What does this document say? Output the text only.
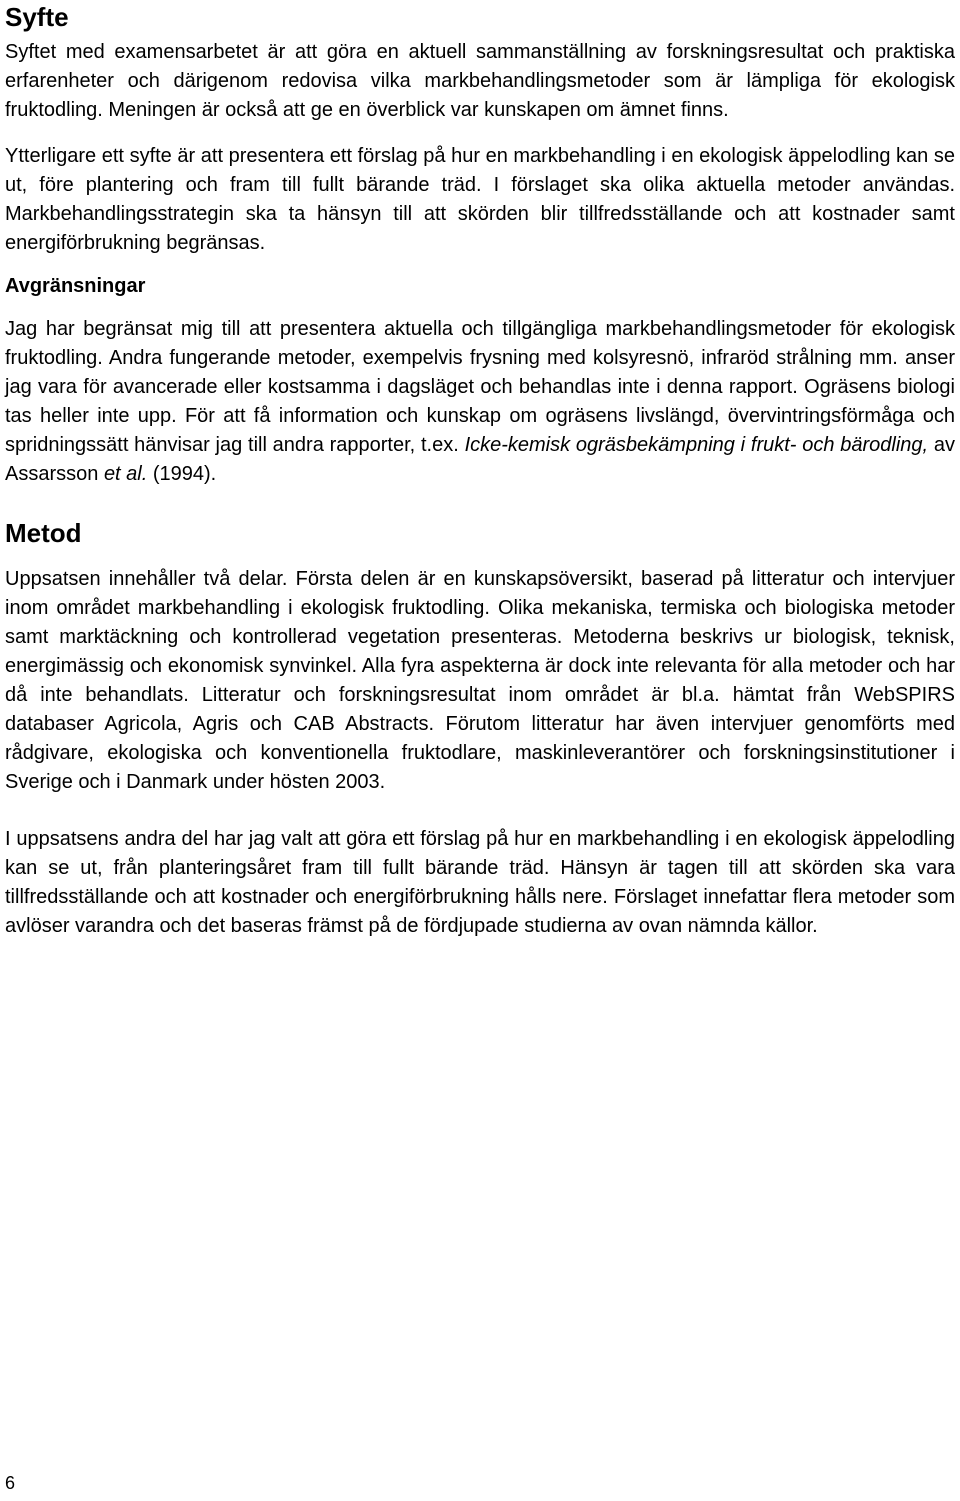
Syfte

Syftet med examensarbetet är att göra en aktuell sammanställning av forskningsresultat och praktiska erfarenheter och därigenom redovisa vilka markbehandlingsmetoder som är lämpliga för ekologisk fruktodling. Meningen är också att ge en överblick var kunskapen om ämnet finns.

Ytterligare ett syfte är att presentera ett förslag på hur en markbehandling i en ekologisk äppelodling kan se ut, före plantering och fram till fullt bärande träd. I förslaget ska olika aktuella metoder användas. Markbehandlingsstrategin ska ta hänsyn till att skörden blir tillfredsställande och att kostnader samt energiförbrukning begränsas.

Avgränsningar

Jag har begränsat mig till att presentera aktuella och tillgängliga markbehandlingsmetoder för ekologisk fruktodling. Andra fungerande metoder, exempelvis frysning med kolsyresnö, infraröd strålning mm. anser jag vara för avancerade eller kostsamma i dagsläget och behandlas inte i denna rapport. Ogräsens biologi tas heller inte upp. För att få information och kunskap om ogräsens livslängd, övervintringsförmåga och spridningssätt hänvisar jag till andra rapporter, t.ex. Icke-kemisk ogräsbekämpning i frukt- och bärodling, av Assarsson et al. (1994).

Metod

Uppsatsen innehåller två delar. Första delen är en kunskapsöversikt, baserad på litteratur och intervjuer inom området markbehandling i ekologisk fruktodling. Olika mekaniska, termiska och biologiska metoder samt marktäckning och kontrollerad vegetation presenteras. Metoderna beskrivs ur biologisk, teknisk, energimässig och ekonomisk synvinkel. Alla fyra aspekterna är dock inte relevanta för alla metoder och har då inte behandlats. Litteratur och forskningsresultat inom området är bl.a. hämtat från WebSPIRS databaser Agricola, Agris och CAB Abstracts. Förutom litteratur har även intervjuer genomförts med rådgivare, ekologiska och konventionella fruktodlare, maskinleverantörer och forskningsinstitutioner i Sverige och i Danmark under hösten 2003.

I uppsatsens andra del har jag valt att göra ett förslag på hur en markbehandling i en ekologisk äppelodling kan se ut, från planteringsåret fram till fullt bärande träd. Hänsyn är tagen till att skörden ska vara tillfredsställande och att kostnader och energiförbrukning hålls nere. Förslaget innefattar flera metoder som avlöser varandra och det baseras främst på de fördjupade studierna av ovan nämnda källor.

6
